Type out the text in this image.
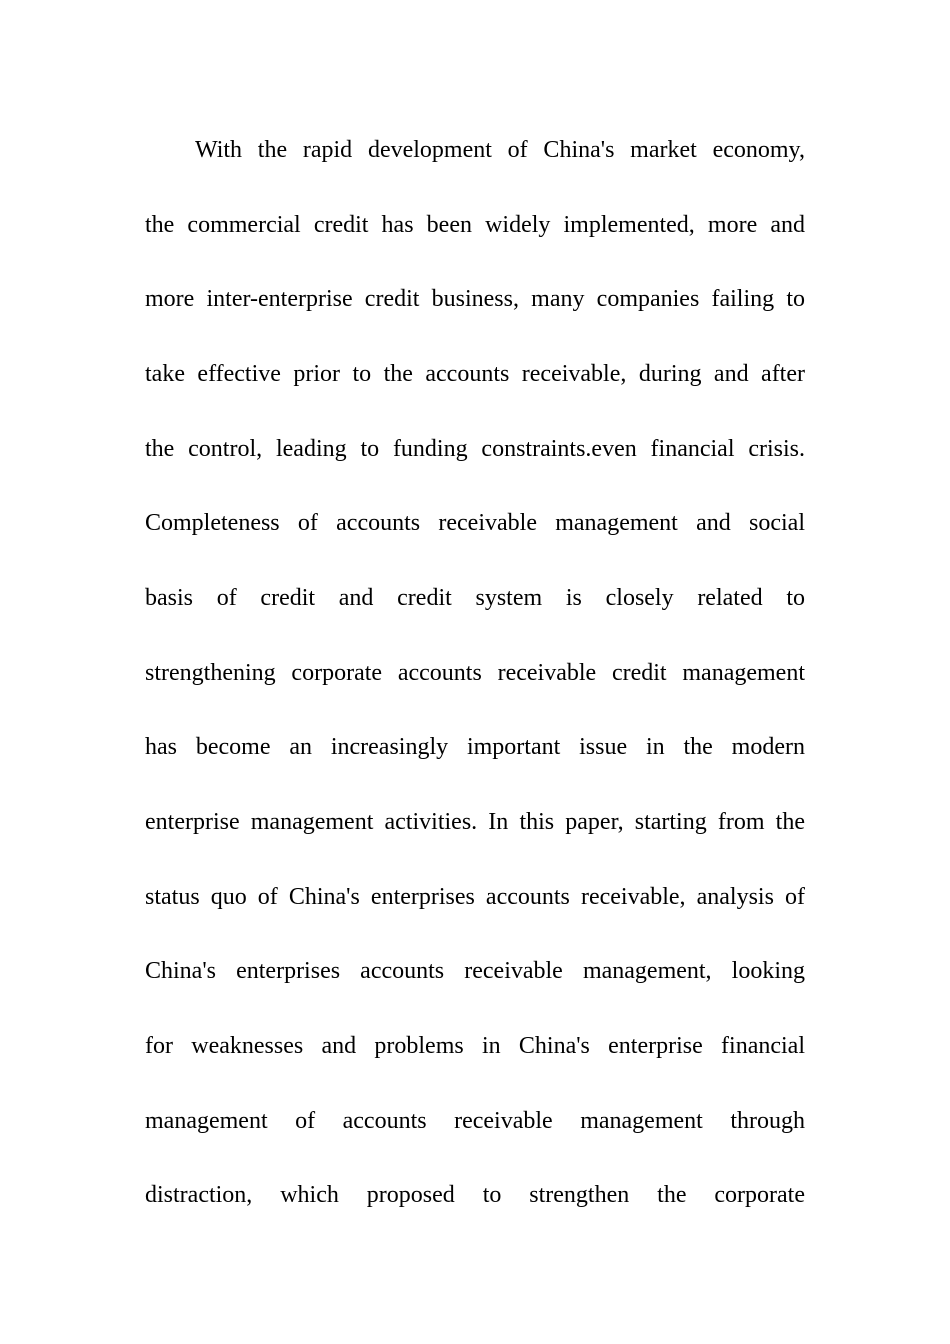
With the rapid development of China's market economy,
the commercial credit has been widely implemented, more and
more inter-enterprise credit business, many companies failing to
take effective prior to the accounts receivable, during and after
the control, leading to funding constraints.even financial crisis.
Completeness of accounts receivable management and social
basis of credit and credit system is closely related to
strengthening corporate accounts receivable credit management
has become an increasingly important issue in the modern
enterprise management activities. In this paper, starting from the
status quo of China's enterprises accounts receivable, analysis of
China's enterprises accounts receivable management, looking
for weaknesses and problems in China's enterprise financial
management of accounts receivable management through
distraction, which proposed to strengthen the corporate
